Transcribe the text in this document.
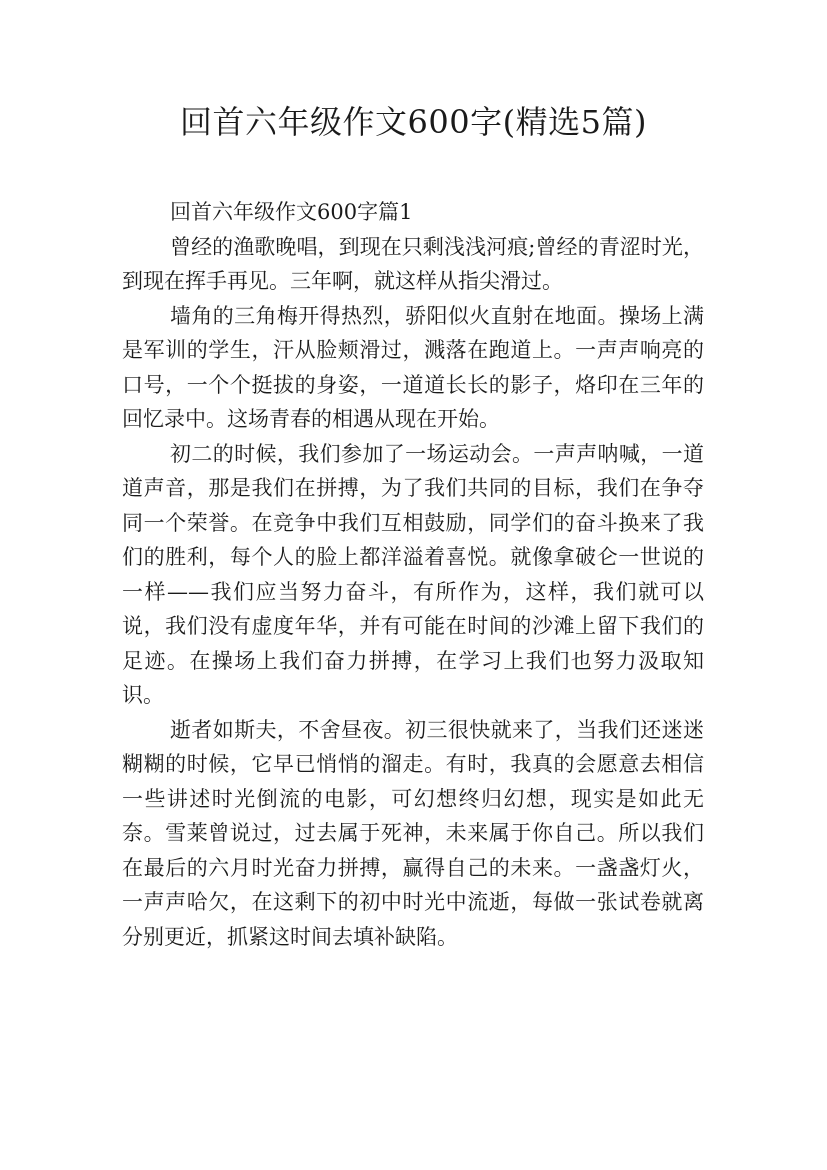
回首六年级作文600字(精选5篇)

回首六年级作文600字篇1

曾经的渔歌晚唱，到现在只剩浅浅河痕;曾经的青涩时光，到现在挥手再见。三年啊，就这样从指尖滑过。

墙角的三角梅开得热烈，骄阳似火直射在地面。操场上满是军训的学生，汗从脸颊滑过，溅落在跑道上。一声声响亮的口号，一个个挺拔的身姿，一道道长长的影子，烙印在三年的回忆录中。这场青春的相遇从现在开始。

初二的时候，我们参加了一场运动会。一声声呐喊，一道道声音，那是我们在拼搏，为了我们共同的目标，我们在争夺同一个荣誉。在竞争中我们互相鼓励，同学们的奋斗换来了我们的胜利，每个人的脸上都洋溢着喜悦。就像拿破仑一世说的一样——我们应当努力奋斗，有所作为，这样，我们就可以说，我们没有虚度年华，并有可能在时间的沙滩上留下我们的足迹。在操场上我们奋力拼搏，在学习上我们也努力汲取知识。

逝者如斯夫，不舍昼夜。初三很快就来了，当我们还迷迷糊糊的时候，它早已悄悄的溜走。有时，我真的会愿意去相信一些讲述时光倒流的电影，可幻想终归幻想，现实是如此无奈。雪莱曾说过，过去属于死神，未来属于你自己。所以我们在最后的六月时光奋力拼搏，赢得自己的未来。一盏盏灯火，一声声哈欠，在这剩下的初中时光中流逝，每做一张试卷就离分别更近，抓紧这时间去填补缺陷。
